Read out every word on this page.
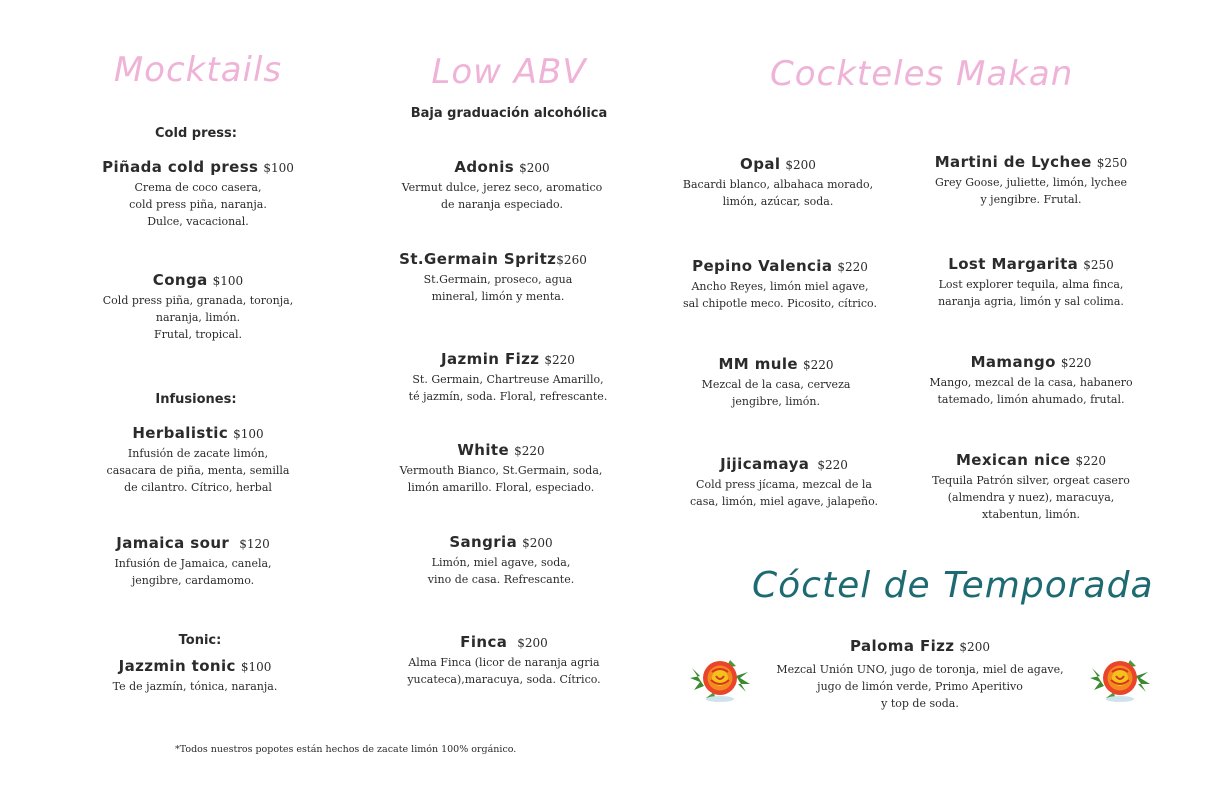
Mocktails
Cold press:
Piñada cold press $100
Crema de coco casera,
cold press piña, naranja.
Dulce, vacacional.
Conga $100
Cold press piña, granada, toronja,
naranja, limón.
Frutal, tropical.
Infusiones:
Herbalistic $100
Infusión de zacate limón,
casacara de piña, menta, semilla
de cilantro. Cítrico, herbal
Jamaica sour $120
Infusión de Jamaica, canela,
jengibre, cardamomo.
Tonic:
Jazzmin tonic $100
Te de jazmín, tónica, naranja.
Low ABV
Baja graduación alcohólica
Adonis $200
Vermut dulce, jerez seco, aromatico
de naranja especiado.
St.Germain Spritz$260
St.Germain, proseco, agua
mineral, limón y menta.
Jazmin Fizz $220
St. Germain, Chartreuse Amarillo,
té jazmín, soda. Floral, refrescante.
White $220
Vermouth Bianco, St.Germain, soda,
limón amarillo. Floral, especiado.
Sangria $200
Limón, miel agave, soda,
vino de casa. Refrescante.
Finca $200
Alma Finca (licor de naranja agria
yucateca),maracuya, soda. Cítrico.
Cockteles Makan
Opal $200
Bacardi blanco, albahaca morado,
limón, azúcar, soda.
Pepino Valencia $220
Ancho Reyes, limón miel agave,
sal chipotle meco. Picosito, cítrico.
MM mule $220
Mezcal de la casa, cerveza
jengibre, limón.
Jijicamaya $220
Cold press jícama, mezcal de la
casa, limón, miel agave, jalapeño.
Martini de Lychee $250
Grey Goose, juliette, limón, lychee
y jengibre. Frutal.
Lost Margarita $250
Lost explorer tequila, alma finca,
naranja agria, limón y sal colima.
Mamango $220
Mango, mezcal de la casa, habanero
tatemado, limón ahumado, frutal.
Mexican nice $220
Tequila Patrón silver, orgeat casero
(almendra y nuez), maracuya,
xtabentun, limón.
Cóctel de Temporada
Paloma Fizz $200
Mezcal Unión UNO, jugo de toronja, miel de agave,
jugo de limón verde, Primo Aperitivo
y top de soda.
*Todos nuestros popotes están hechos de zacate limón 100% orgánico.
